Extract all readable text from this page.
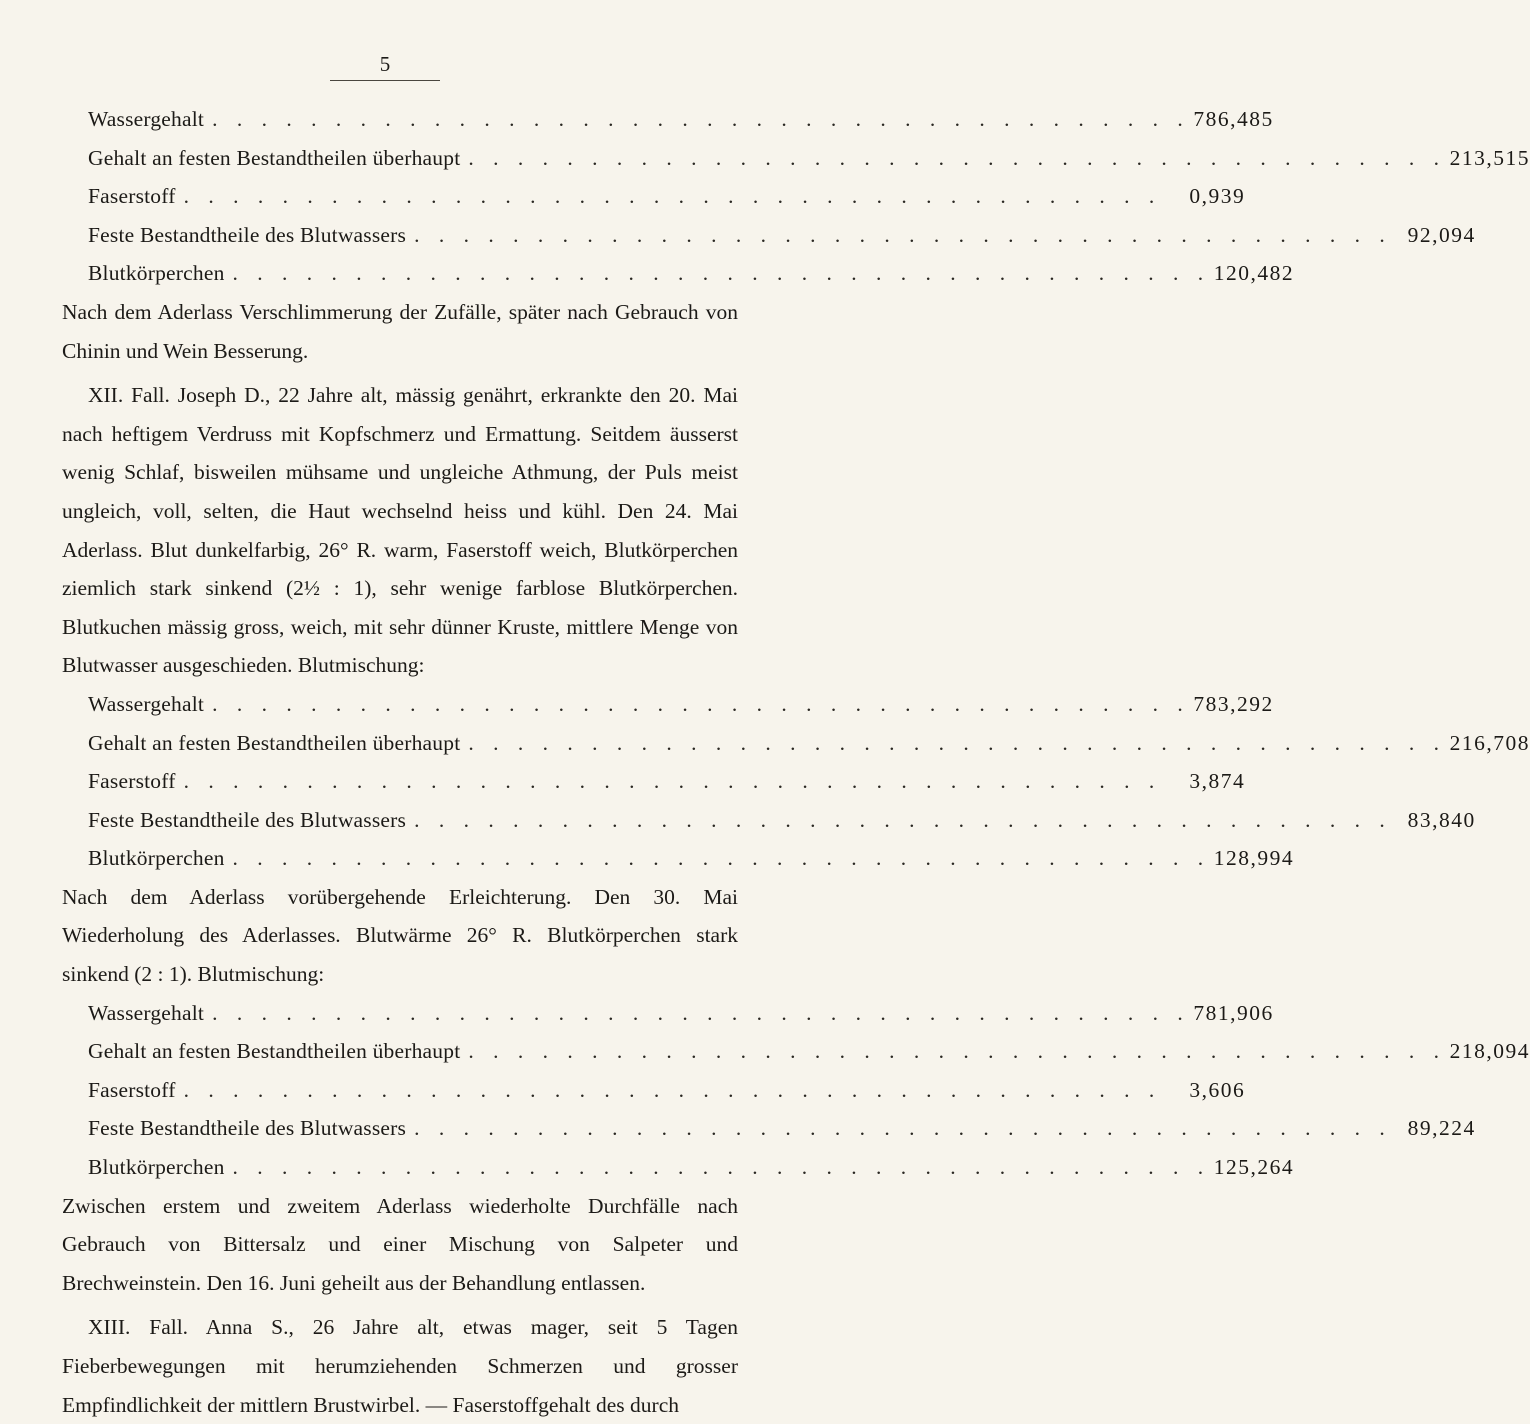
5
Wassergehalt . . . . . . . . . . . . . . . . . . . . . . . . . . . . . . . . . . . . . . . . 786,485
Gehalt an festen Bestandtheilen überhaupt . . . . . . . . . . . . . . . . . . . . . . . . . . . . . . . . . . . . . . . . 213,515
Faserstoff . . . . . . . . . . . . . . . . . . . . . . . . . . . . . . . . . . . . . . . .	0,939
Feste Bestandtheile des Blutwassers . . . . . . . . . . . . . . . . . . . . . . . . . . . . . . . . . . . . . . . . 92,094
Blutkörperchen . . . . . . . . . . . . . . . . . . . . . . . . . . . . . . . . . . . . . . . . 120,482

Nach dem Aderlass Verschlimmerung der Zufälle, später nach Gebrauch von Chinin und Wein Besserung.

XII. Fall. Joseph D., 22 Jahre alt, mässig genährt, erkrankte den 20. Mai nach heftigem Verdruss mit Kopfschmerz und Ermattung. Seitdem äusserst wenig Schlaf, bisweilen mühsame und ungleiche Athmung, der Puls meist ungleich, voll, selten, die Haut wechselnd heiss und kühl. Den 24. Mai Aderlass. Blut dunkelfarbig, 26° R. warm, Faserstoff weich, Blutkörperchen ziemlich stark sinkend (2½ : 1), sehr wenige farblose Blutkörperchen. Blutkuchen mässig gross, weich, mit sehr dünner Kruste, mittlere Menge von Blutwasser ausgeschieden. Blutmischung:

Wassergehalt . . . . . . . . . . . . . . . . . . . . . . . . . . . . . . . . . . . . . . . . 783,292
Gehalt an festen Bestandtheilen überhaupt . . . . . . . . . . . . . . . . . . . . . . . . . . . . . . . . . . . . . . . . 216,708
Faserstoff . . . . . . . . . . . . . . . . . . . . . . . . . . . . . . . . . . . . . . . .	3,874
Feste Bestandtheile des Blutwassers . . . . . . . . . . . . . . . . . . . . . . . . . . . . . . . . . . . . . . . . 83,840
Blutkörperchen . . . . . . . . . . . . . . . . . . . . . . . . . . . . . . . . . . . . . . . . 128,994

Nach dem Aderlass vorübergehende Erleichterung. Den 30. Mai Wiederholung des Aderlasses. Blutwärme 26° R. Blutkörperchen stark sinkend (2 : 1). Blutmischung:

Wassergehalt . . . . . . . . . . . . . . . . . . . . . . . . . . . . . . . . . . . . . . . . 781,906
Gehalt an festen Bestandtheilen überhaupt . . . . . . . . . . . . . . . . . . . . . . . . . . . . . . . . . . . . . . . . 218,094
Faserstoff . . . . . . . . . . . . . . . . . . . . . . . . . . . . . . . . . . . . . . . .	3,606
Feste Bestandtheile des Blutwassers . . . . . . . . . . . . . . . . . . . . . . . . . . . . . . . . . . . . . . . . 89,224
Blutkörperchen . . . . . . . . . . . . . . . . . . . . . . . . . . . . . . . . . . . . . . . . 125,264

Zwischen erstem und zweitem Aderlass wiederholte Durchfälle nach Gebrauch von Bittersalz und einer Mischung von Salpeter und Brechweinstein. Den 16. Juni geheilt aus der Behandlung entlassen.

XIII. Fall. Anna S., 26 Jahre alt, etwas mager, seit 5 Tagen Fieberbewegungen mit herumziehenden Schmerzen und grosser Empfindlichkeit der mittlern Brustwirbel. — Faserstoffgehalt des durch
